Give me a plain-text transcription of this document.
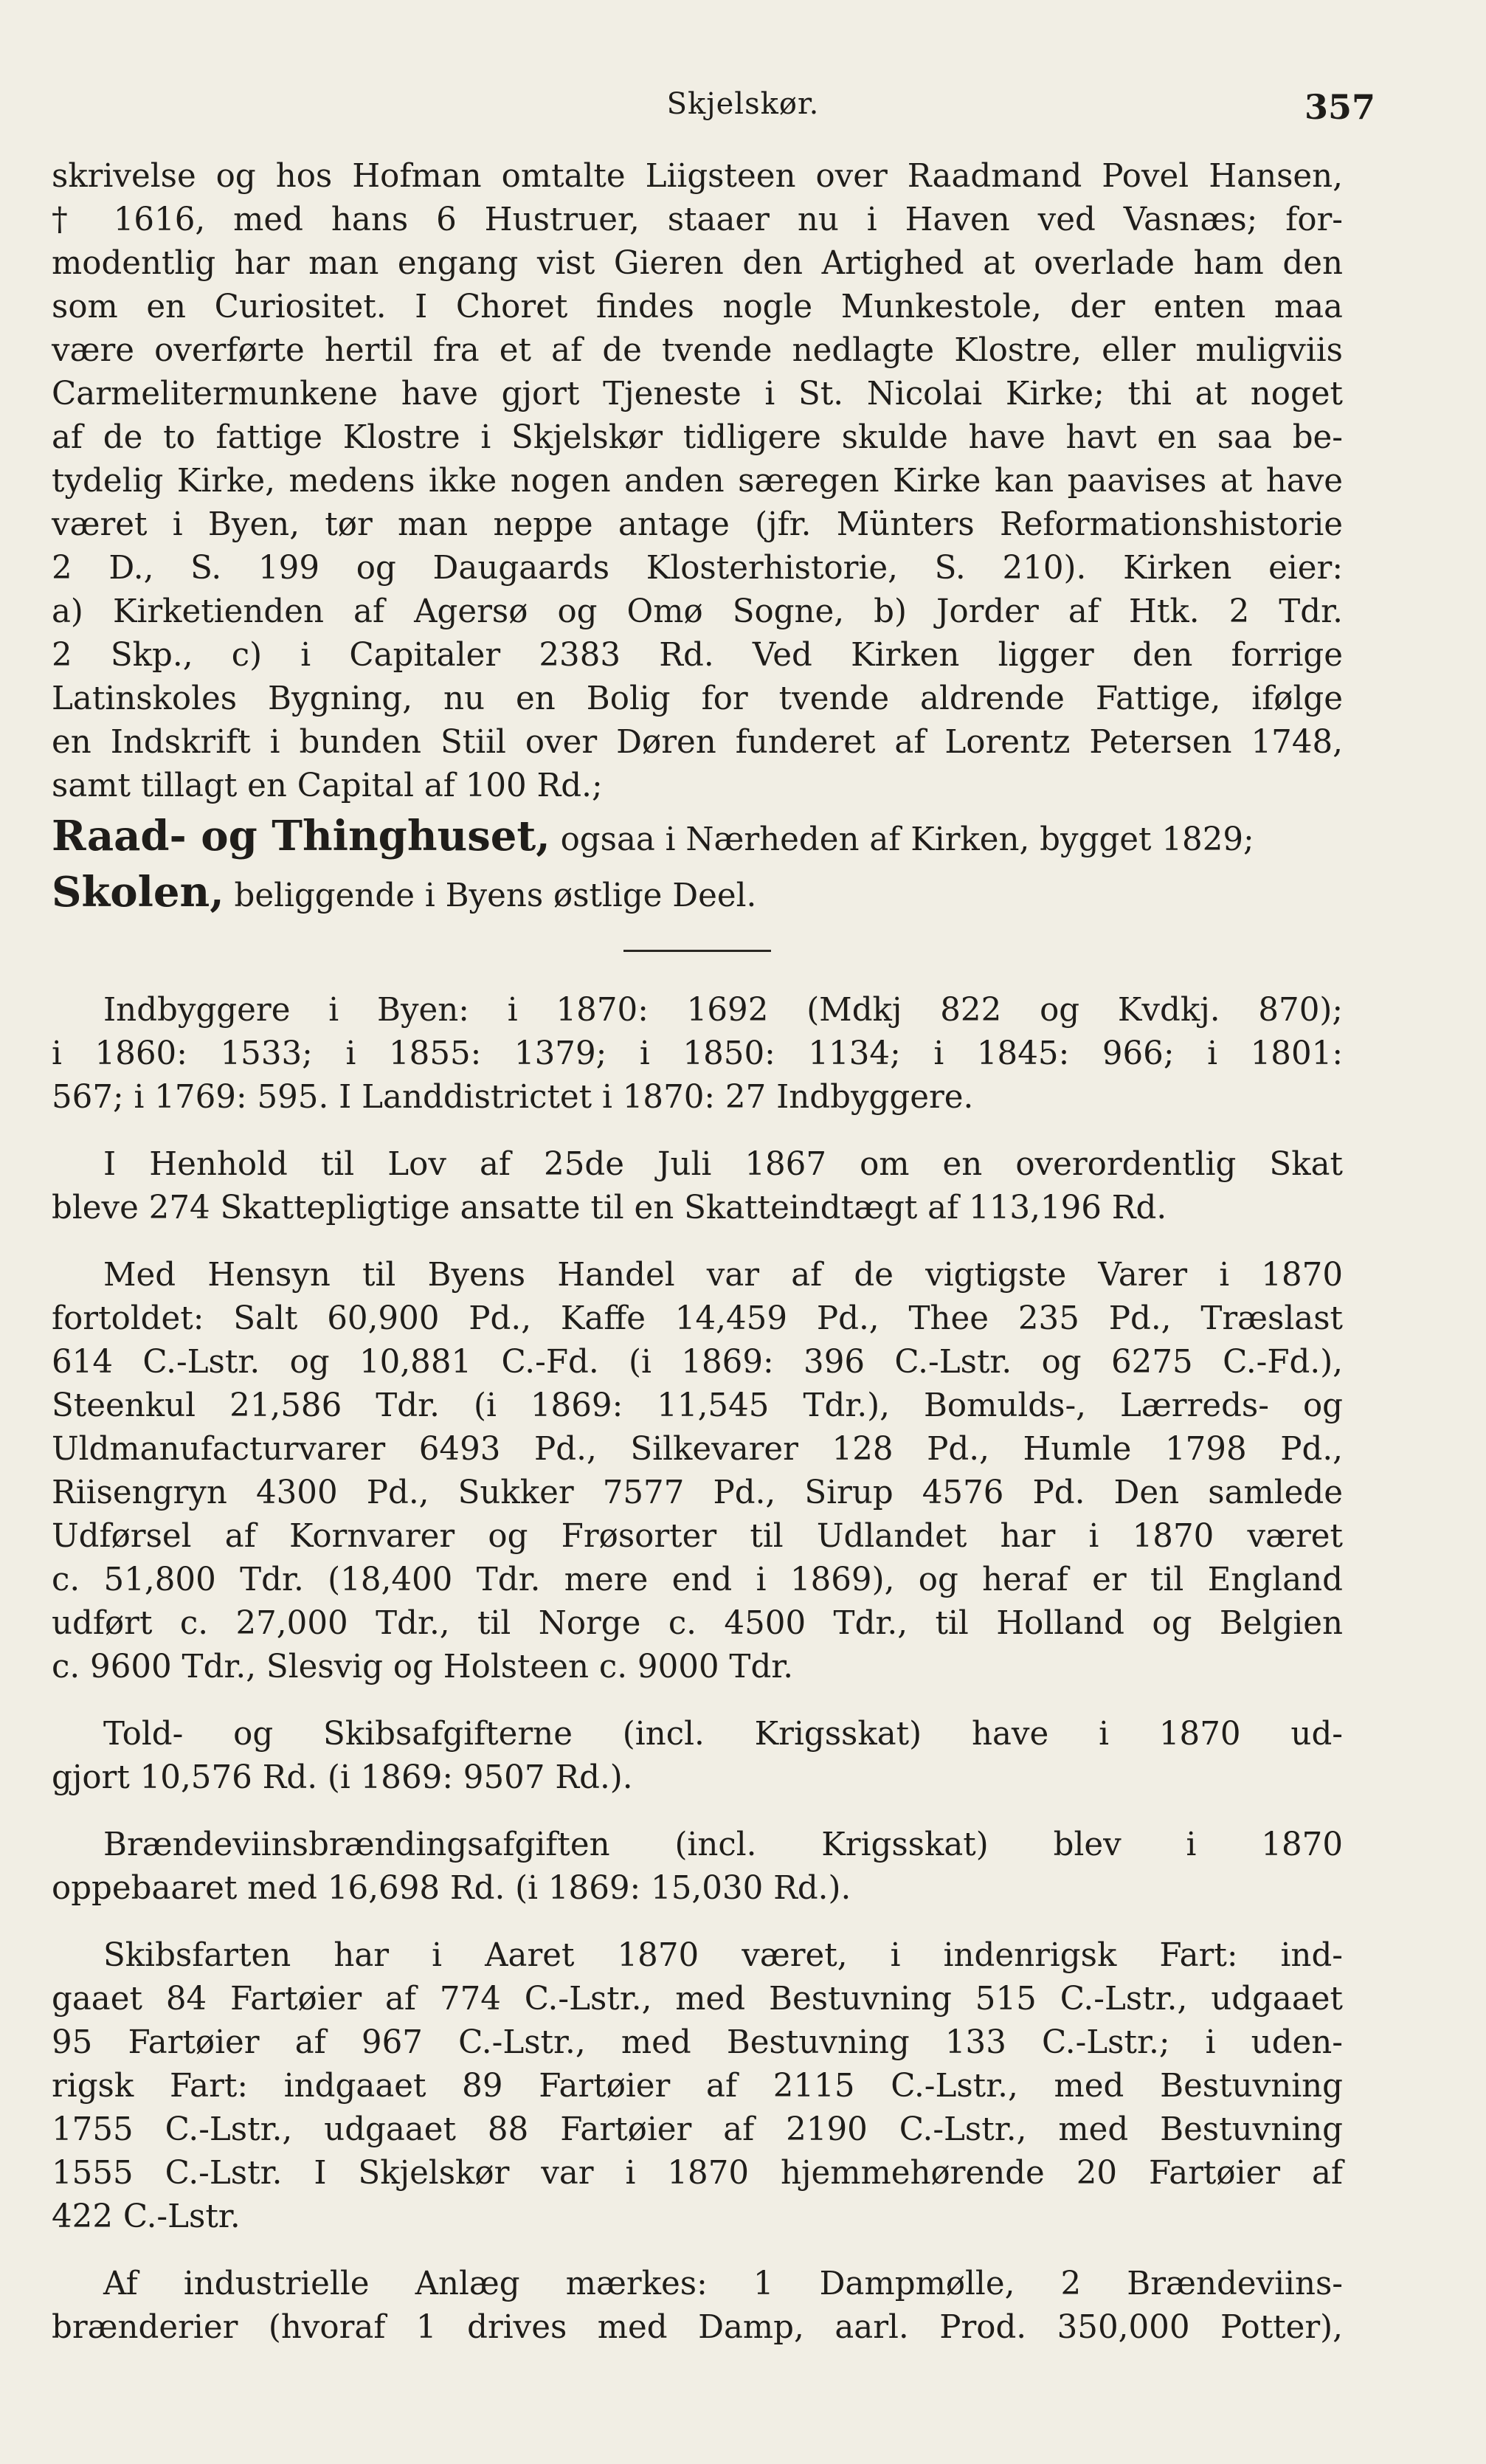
Skjelskør.	357
skrivelse og hos Hofman omtalte Liigsteen over Raadmand Povel Hansen,
† 1616, med hans 6 Hustruer, staaer nu i Haven ved Vasnæs; for-
modentlig har man engang vist Gieren den Artighed at overlade ham den
som en Curiositet. I Choret findes nogle Munkestole, der enten maa
være overførte hertil fra et af de tvende nedlagte Klostre, eller muligviis
Carmelitermunkene have gjort Tjeneste i St. Nicolai Kirke; thi at noget
af de to fattige Klostre i Skjelskør tidligere skulde have havt en saa be-
tydelig Kirke, medens ikke nogen anden særegen Kirke kan paavises at have
været i Byen, tør man neppe antage (jfr. Münters Reformationshistorie
2 D., S. 199 og Daugaards Klosterhistorie, S. 210). Kirken eier:
a) Kirketienden af Agersø og Omø Sogne, b) Jorder af Htk. 2 Tdr.
2 Skp., c) i Capitaler 2383 Rd. Ved Kirken ligger den forrige
Latinskoles Bygning, nu en Bolig for tvende aldrende Fattige, ifølge
en Indskrift i bunden Stiil over Døren funderet af Lorentz Petersen 1748,
samt tillagt en Capital af 100 Rd.;
Raad- og Thinghuset, ogsaa i Nærheden af Kirken, bygget 1829;
Skolen, beliggende i Byens østlige Deel.
Indbyggere i Byen: i 1870: 1692 (Mdkj 822 og Kvdkj. 870);
i 1860: 1533; i 1855: 1379; i 1850: 1134; i 1845: 966; i 1801:
567; i 1769: 595. I Landdistrictet i 1870: 27 Indbyggere.
I Henhold til Lov af 25de Juli 1867 om en overordentlig Skat
bleve 274 Skattepligtige ansatte til en Skatteindtægt af 113,196 Rd.
Med Hensyn til Byens Handel var af de vigtigste Varer i 1870
fortoldet: Salt 60,900 Pd., Kaffe 14,459 Pd., Thee 235 Pd., Træslast
614 C.-Lstr. og 10,881 C.-Fd. (i 1869: 396 C.-Lstr. og 6275 C.-Fd.),
Steenkul 21,586 Tdr. (i 1869: 11,545 Tdr.), Bomulds-, Lærreds- og
Uldmanufacturvarer 6493 Pd., Silkevarer 128 Pd., Humle 1798 Pd.,
Riisengryn 4300 Pd., Sukker 7577 Pd., Sirup 4576 Pd. Den samlede
Udførsel af Kornvarer og Frøsorter til Udlandet har i 1870 været
c. 51,800 Tdr. (18,400 Tdr. mere end i 1869), og heraf er til England
udført c. 27,000 Tdr., til Norge c. 4500 Tdr., til Holland og Belgien
c. 9600 Tdr., Slesvig og Holsteen c. 9000 Tdr.
Told- og Skibsafgifterne (incl. Krigsskat) have i 1870 ud-
gjort 10,576 Rd. (i 1869: 9507 Rd.).
Brændeviinsbrændingsafgiften (incl. Krigsskat) blev i 1870
oppebaaret med 16,698 Rd. (i 1869: 15,030 Rd.).
Skibsfarten har i Aaret 1870 været, i indenrigsk Fart: ind-
gaaet 84 Fartøier af 774 C.-Lstr., med Bestuvning 515 C.-Lstr., udgaaet
95 Fartøier af 967 C.-Lstr., med Bestuvning 133 C.-Lstr.; i uden-
rigsk Fart: indgaaet 89 Fartøier af 2115 C.-Lstr., med Bestuvning
1755 C.-Lstr., udgaaet 88 Fartøier af 2190 C.-Lstr., med Bestuvning
1555 C.-Lstr. I Skjelskør var i 1870 hjemmehørende 20 Fartøier af
422 C.-Lstr.
Af industrielle Anlæg mærkes: 1 Dampmølle, 2 Brændeviins-
brænderier (hvoraf 1 drives med Damp, aarl. Prod. 350,000 Potter),
